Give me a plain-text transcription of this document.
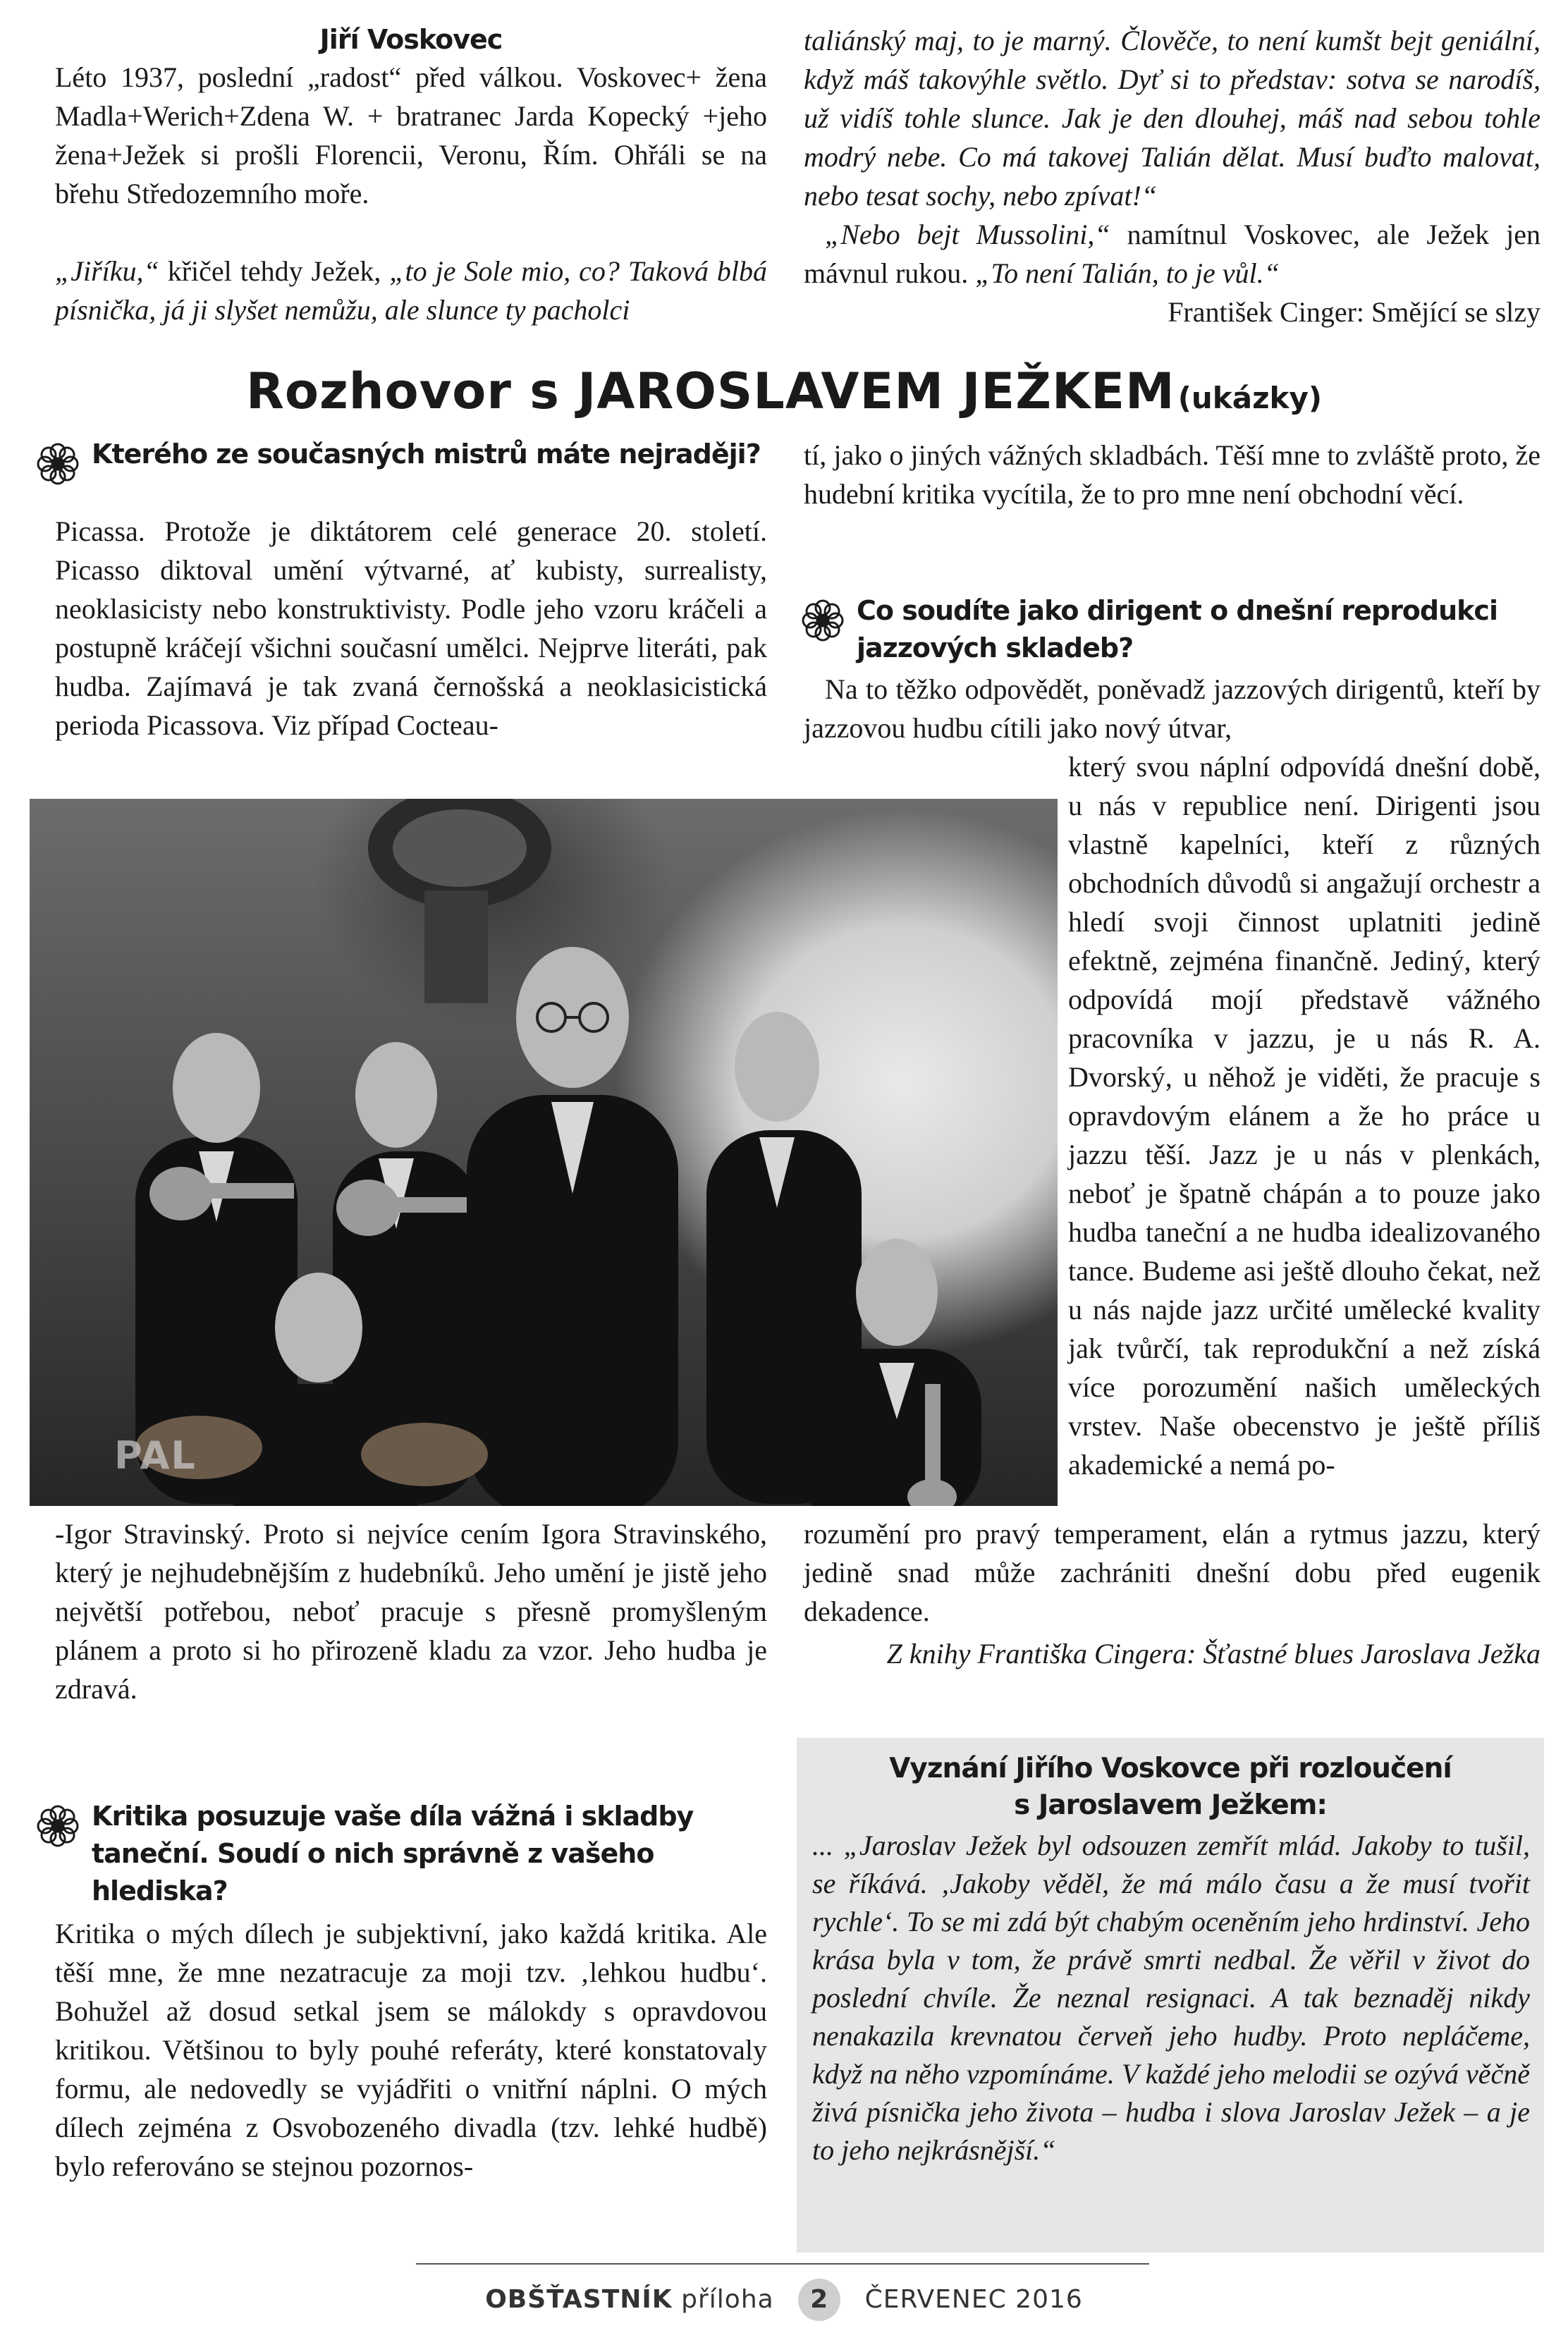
Jiří Voskovec

Léto 1937, poslední „radost“ před válkou. Voskovec+ žena Madla+Werich+Zdena W. + bratranec Jarda Kopecký +jeho žena+Ježek si prošli Florencii, Veronu, Řím. Ohřáli se na břehu Středozemního moře.

„Jiříku,“ křičel tehdy Ježek, „to je Sole mio, co? Taková blbá písnička, já ji slyšet nemůžu, ale slunce ty pacholci

taliánský maj, to je marný. Člověče, to není kumšt bejt geniální, když máš takovýhle světlo. Dyť si to představ: sotva se narodíš, už vidíš tohle slunce. Jak je den dlouhej, máš nad sebou tohle modrý nebe. Co má takovej Talián dělat. Musí buďto malovat, nebo tesat sochy, nebo zpívat!“

„Nebo bejt Mussolini,“ namítnul Voskovec, ale Ježek jen mávnul rukou. „To není Talián, to je vůl.“

František Cinger: Smějící se slzy

Rozhovor s JAROSLAVEM JEŽKEM (ukázky)
Kterého ze současných mistrů máte nejraději?

Picassa. Protože je diktátorem celé generace 20. století. Picasso diktoval umění výtvarné, ať kubisty, surrealisty, neoklasicisty nebo konstruktivisty. Podle jeho vzoru kráčeli a postupně kráčejí všichni současní umělci. Nejprve literáti, pak hudba. Zajímavá je tak zvaná černošská a neoklasicistická perioda Picassova. Viz případ Cocteau-

PAL

-Igor Stravinský. Proto si nejvíce cením Igora Stravinského, který je nejhudebnějším z hudebníků. Jeho umění je jistě jeho největší potřebou, neboť pracuje s přesně promyšleným plánem a proto si ho přirozeně kladu za vzor. Jeho hudba je zdravá.

Kritika posuzuje vaše díla vážná i skladby taneční. Soudí o nich správně z vašeho hlediska?

Kritika o mých dílech je subjektivní, jako každá kritika. Ale těší mne, že mne nezatracuje za moji tzv. ‚lehkou hudbu‘. Bohužel až dosud setkal jsem se málokdy s opravdovou kritikou. Většinou to byly pouhé referáty, které konstatovaly formu, ale nedovedly se vyjádřiti o vnitřní náplni. O mých dílech zejména z Osvobozeného divadla (tzv. lehké hudbě) bylo referováno se stejnou pozornos-

tí, jako o jiných vážných skladbách. Těší mne to zvláště proto, že hudební kritika vycítila, že to pro mne není obchodní věcí.

Co soudíte jako dirigent o dnešní reprodukci jazzových skladeb?

Na to těžko odpovědět, poněvadž jazzových dirigentů, kteří by jazzovou hudbu cítili jako nový útvar,

který svou náplní odpovídá dnešní době, u nás v republice není. Dirigenti jsou vlastně kapelníci, kteří z různých obchodních důvodů si angažují orchestr a hledí svoji činnost uplatniti jedině efektně, zejména finančně. Jediný, který odpovídá mojí představě vážného pracovníka v jazzu, je u nás R. A. Dvorský, u něhož je viděti, že pracuje s opravdovým elánem a že ho práce u jazzu těší. Jazz je u nás v plenkách, neboť je špatně chápán a to pouze jako hudba taneční a ne hudba idealizovaného tance. Budeme asi ještě dlouho čekat, než u nás najde jazz určité umělecké kvality jak tvůrčí, tak reprodukční a než získá více porozumění našich uměleckých vrstev. Naše obecenstvo je ještě příliš akademické a nemá po-

rozumění pro pravý temperament, elán a rytmus jazzu, který jedině snad může zachrániti dnešní dobu před eugenik dekadence.

Z knihy Františka Cingera: Šťastné blues Jaroslava Ježka

Vyznání Jiřího Voskovce při rozloučení
s Jaroslavem Ježkem:

... „Jaroslav Ježek byl odsouzen zemřít mlád. Jakoby to tušil, se říkává. ‚Jakoby věděl, že má málo času a že musí tvořit rychle‘. To se mi zdá být chabým oceněním jeho hrdinství. Jeho krása byla v tom, že právě smrti nedbal. Že věřil v život do poslední chvíle. Že neznal resignaci. A tak beznaděj nikdy nenakazila krevnatou červeň jeho hudby. Proto nepláčeme, když na něho vzpomínáme. V každé jeho melodii se ozývá věčně živá písnička jeho života – hudba i slova Jaroslav Ježek – a je to jeho nejkrásnější.“

OBŠŤASTNÍK příloha 2 ČERVENEC 2016
